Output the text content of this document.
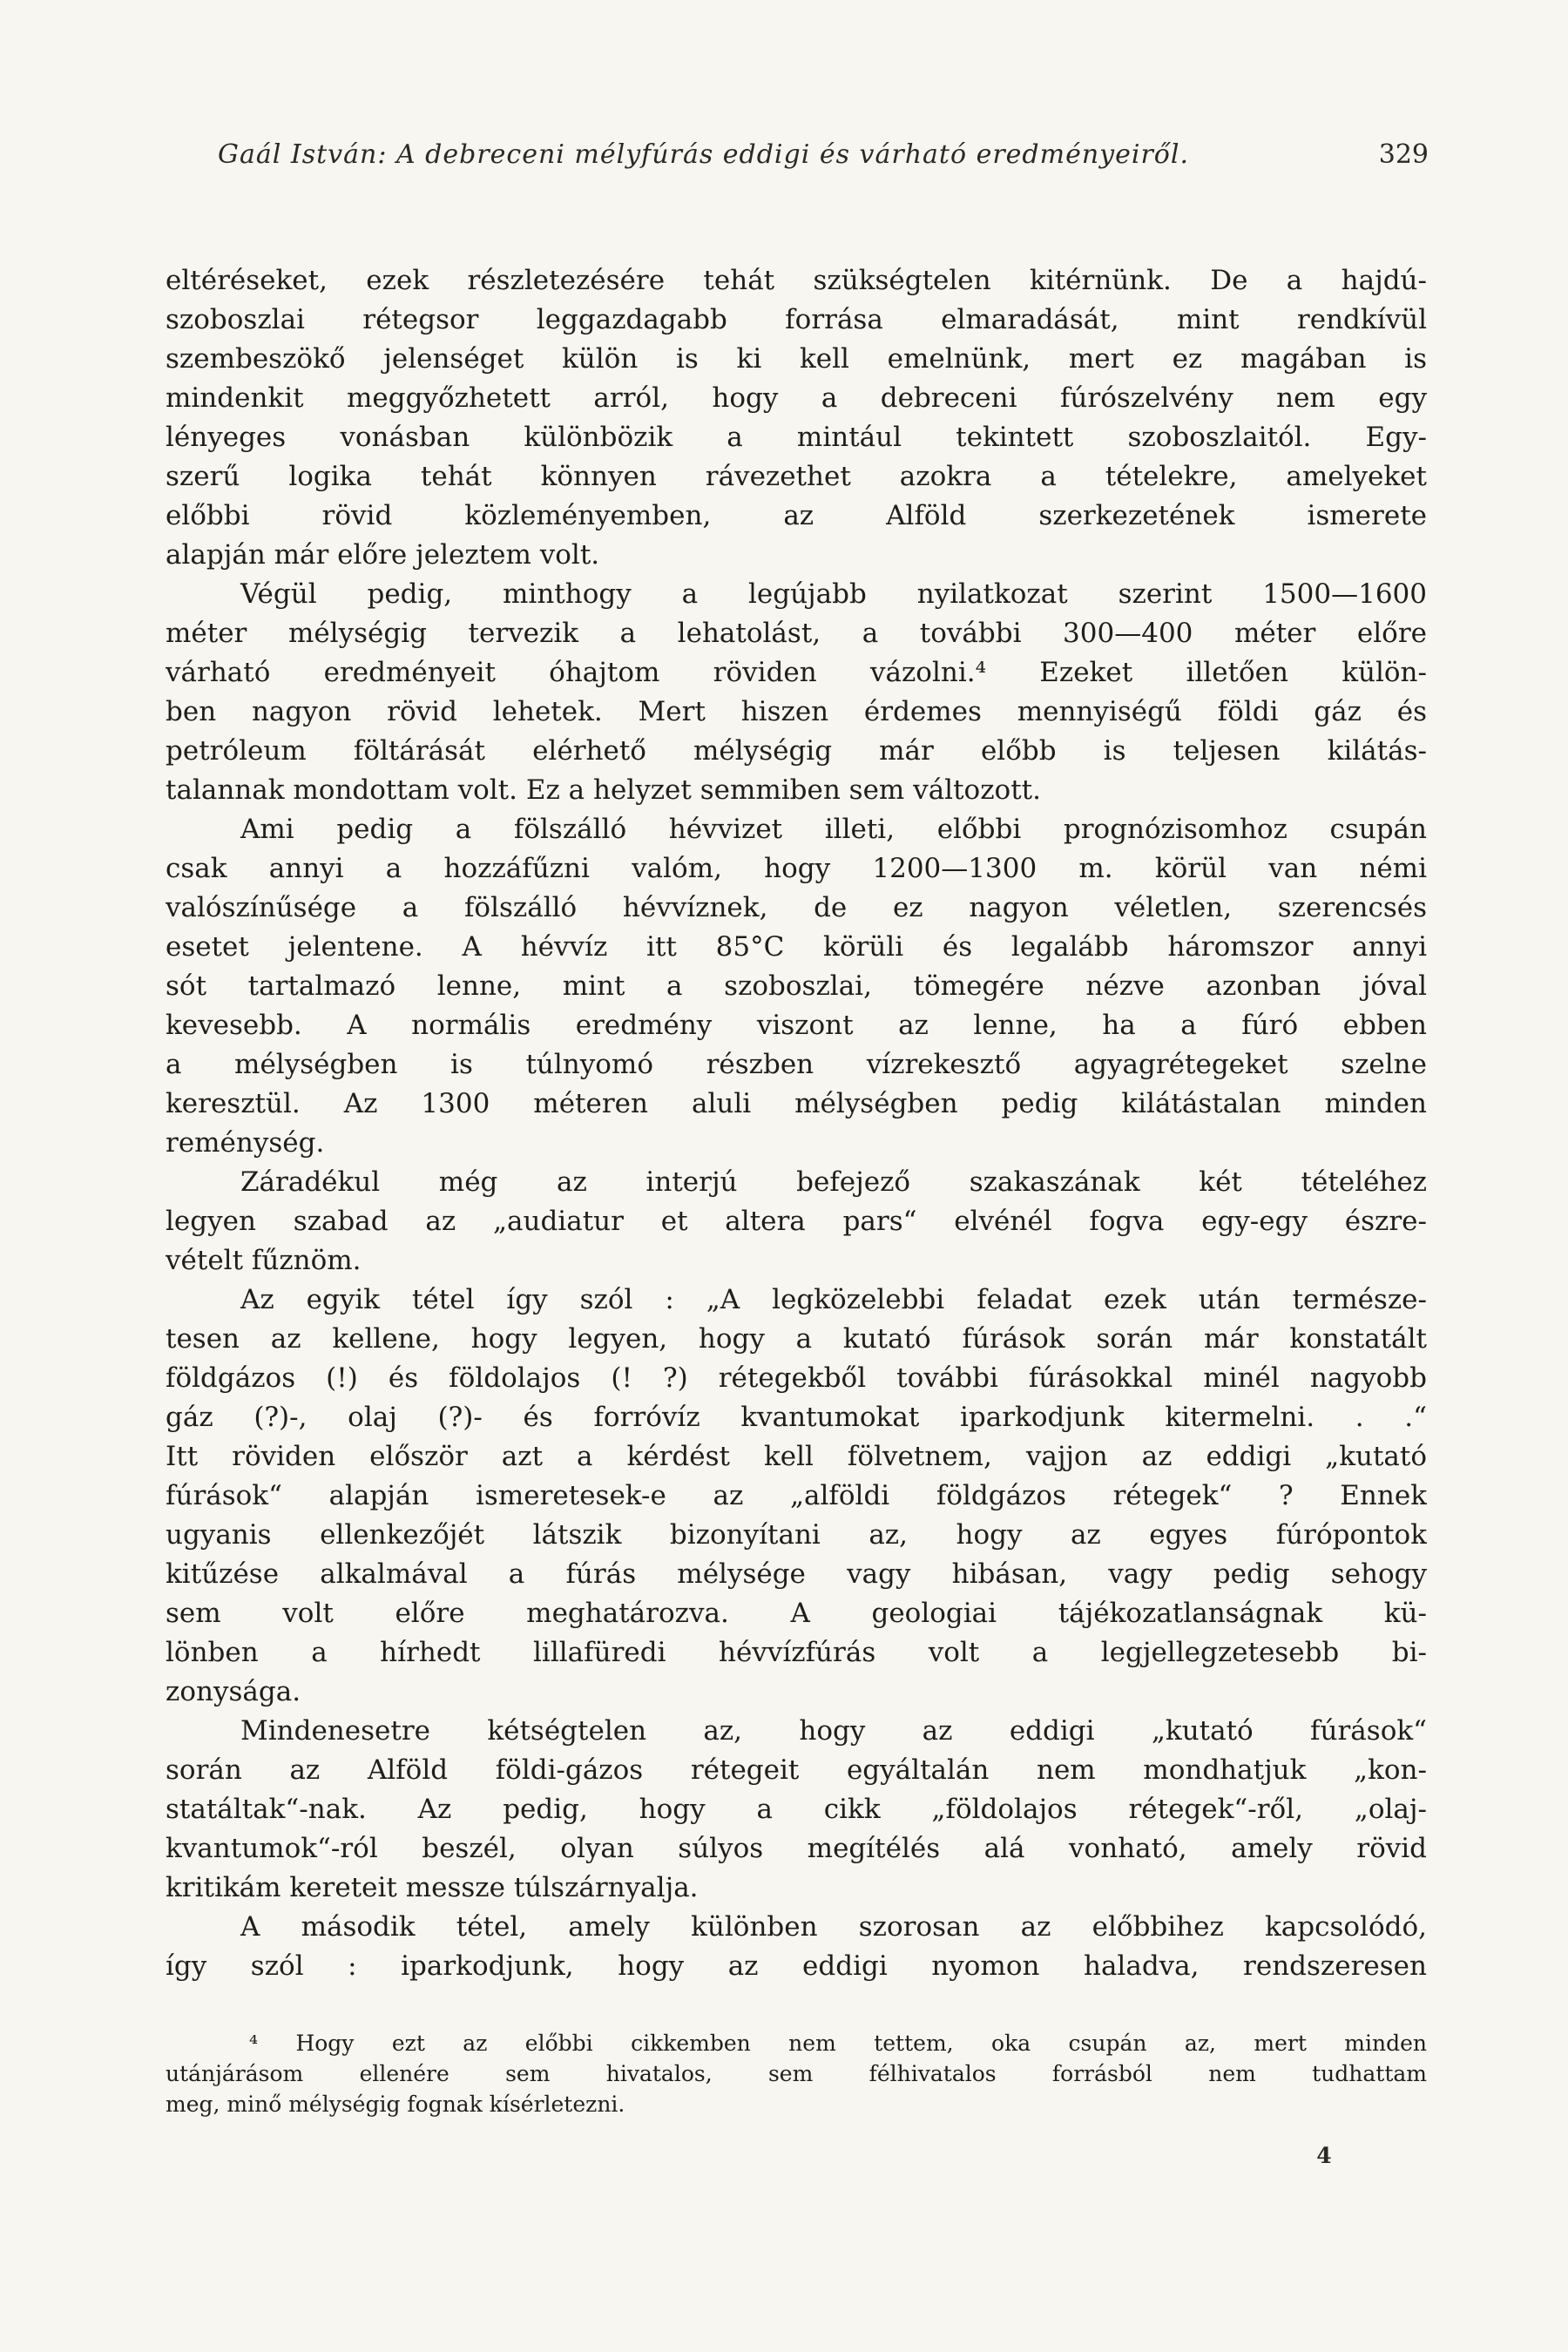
Gaál István: A debreceni mélyfúrás eddigi és várható eredményeiről.	329
eltéréseket, ezek részletezésére tehát szükségtelen kitérnünk. De a hajdú-
szoboszlai rétegsor leggazdagabb forrása elmaradását, mint rendkívül
szembeszökő jelenséget külön is ki kell emelnünk, mert ez magában is
mindenkit meggyőzhetett arról, hogy a debreceni fúrószelvény nem egy
lényeges vonásban különbözik a mintául tekintett szoboszlaitól. Egy-
szerű logika tehát könnyen rávezethet azokra a tételekre, amelyeket
előbbi rövid közleményemben, az Alföld szerkezetének ismerete
alapján már előre jeleztem volt.
Végül pedig, minthogy a legújabb nyilatkozat szerint 1500—1600
méter mélységig tervezik a lehatolást, a további 300—400 méter előre
várható eredményeit óhajtom röviden vázolni.⁴ Ezeket illetően külön-
ben nagyon rövid lehetek. Mert hiszen érdemes mennyiségű földi gáz és
petróleum föltárását elérhető mélységig már előbb is teljesen kilátás-
talannak mondottam volt. Ez a helyzet semmiben sem változott.
Ami pedig a fölszálló hévvizet illeti, előbbi prognózisomhoz csupán
csak annyi a hozzáfűzni valóm, hogy 1200—1300 m. körül van némi
valószínűsége a fölszálló hévvíznek, de ez nagyon véletlen, szerencsés
esetet jelentene. A hévvíz itt 85°C körüli és legalább háromszor annyi
sót tartalmazó lenne, mint a szoboszlai, tömegére nézve azonban jóval
kevesebb. A normális eredmény viszont az lenne, ha a fúró ebben
a mélységben is túlnyomó részben vízrekesztő agyagrétegeket szelne
keresztül. Az 1300 méteren aluli mélységben pedig kilátástalan minden
reménység.
Záradékul még az interjú befejező szakaszának két tételéhez
legyen szabad az „audiatur et altera pars“ elvénél fogva egy-egy észre-
vételt fűznöm.
Az egyik tétel így szól : „A legközelebbi feladat ezek után természe-
tesen az kellene, hogy legyen, hogy a kutató fúrások során már konstatált
földgázos (!) és földolajos (! ?) rétegekből további fúrásokkal minél nagyobb
gáz (?)-, olaj (?)- és forróvíz kvantumokat iparkodjunk kitermelni. . .“
Itt röviden először azt a kérdést kell fölvetnem, vajjon az eddigi „kutató
fúrások“ alapján ismeretesek-e az „alföldi földgázos rétegek“ ? Ennek
ugyanis ellenkezőjét látszik bizonyítani az, hogy az egyes fúrópontok
kitűzése alkalmával a fúrás mélysége vagy hibásan, vagy pedig sehogy
sem volt előre meghatározva. A geologiai tájékozatlanságnak kü-
lönben a hírhedt lillafüredi hévvízfúrás volt a legjellegzetesebb bi-
zonysága.
Mindenesetre kétségtelen az, hogy az eddigi „kutató fúrások“
során az Alföld földi-gázos rétegeit egyáltalán nem mondhatjuk „kon-
statáltak“-nak. Az pedig, hogy a cikk „földolajos rétegek“-ről, „olaj-
kvantumok“-ról beszél, olyan súlyos megítélés alá vonható, amely rövid
kritikám kereteit messze túlszárnyalja.
A második tétel, amely különben szorosan az előbbihez kapcsolódó,
így szól : iparkodjunk, hogy az eddigi nyomon haladva, rendszeresen
⁴ Hogy ezt az előbbi cikkemben nem tettem, oka csupán az, mert minden
utánjárásom ellenére sem hivatalos, sem félhivatalos forrásból nem tudhattam
meg, minő mélységig fognak kísérletezni.
4
